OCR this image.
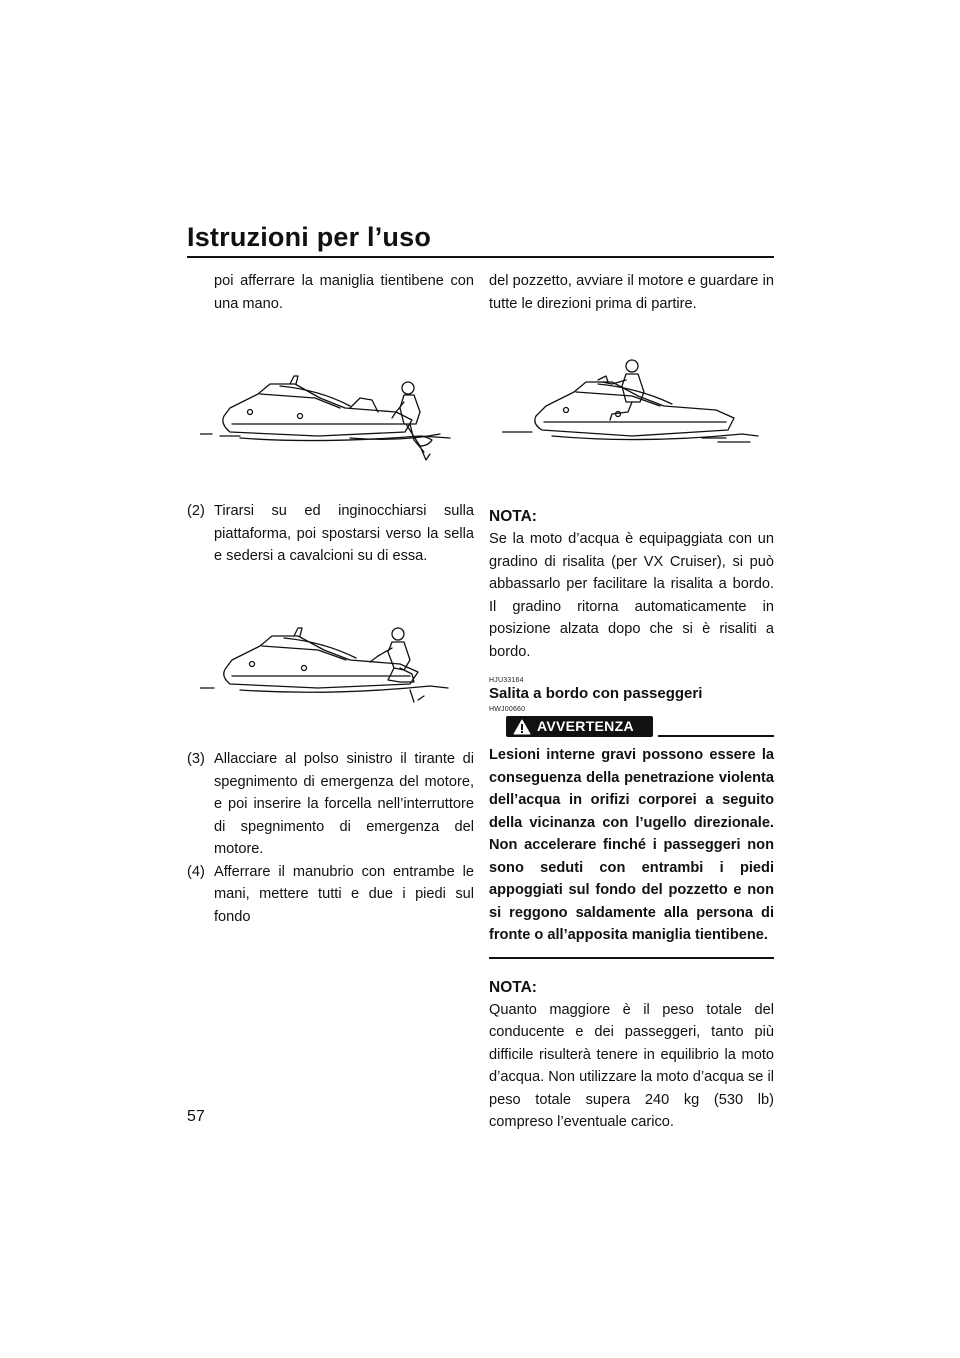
Istruzioni per l’uso
poi afferrare la maniglia tientibene con una mano.
(2) Tirarsi su ed inginocchiarsi sulla piattaforma, poi spostarsi verso la sella e sedersi a cavalcioni su di essa.
(3) Allacciare al polso sinistro il tirante di spegnimento di emergenza del motore, e poi inserire la forcella nell’interruttore di spegnimento di emergenza del motore.
(4) Afferrare il manubrio con entrambe le mani, mettere tutti e due i piedi sul fondo
del pozzetto, avviare il motore e guardare in tutte le direzioni prima di partire.
NOTA:
Se la moto d’acqua è equipaggiata con un gradino di risalita (per VX Cruiser), si può abbassarlo per facilitare la risalita a bordo. Il gradino ritorna automaticamente in posizione alzata dopo che si è risaliti a bordo.
HJU33164
Salita a bordo con passeggeri
HWJ00660
AVVERTENZA
Lesioni interne gravi possono essere la conseguenza della penetrazione violenta dell’acqua in orifizi corporei a seguito della vicinanza con l’ugello direzionale. Non accelerare finché i passeggeri non sono seduti con entrambi i piedi appoggiati sul fondo del pozzetto e non si reggono saldamente alla persona di fronte o all’apposita maniglia tientibene.
NOTA:
Quanto maggiore è il peso totale del conducente e dei passeggeri, tanto più difficile risulterà tenere in equilibrio la moto d’acqua. Non utilizzare la moto d’acqua se il peso totale supera 240 kg (530 lb) compreso l’eventuale carico.
57
